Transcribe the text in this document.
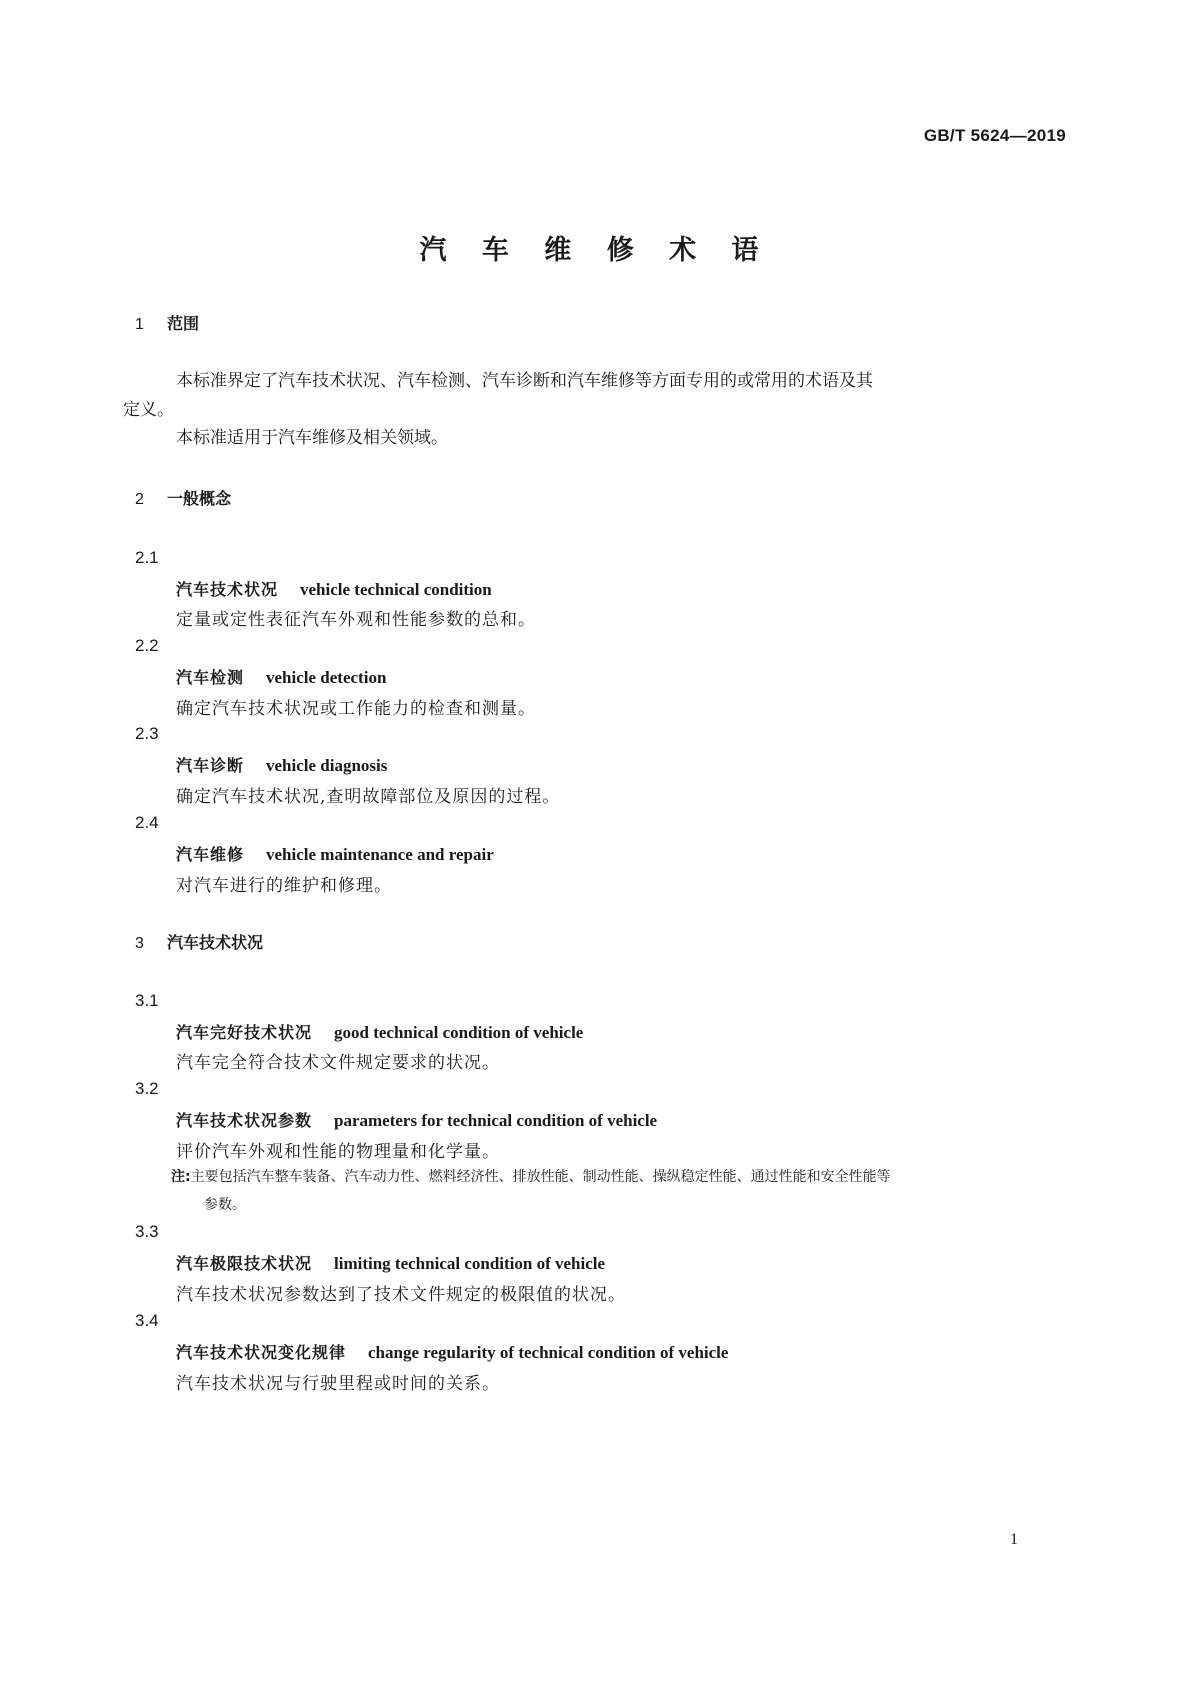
GB/T 5624—2019
汽 车 维 修 术 语
1 范围
本标准界定了汽车技术状况、汽车检测、汽车诊断和汽车维修等方面专用的或常用的术语及其
定义。
本标准适用于汽车维修及相关领域。
2 一般概念
2.1
汽车技术状况 vehicle technical condition
定量或定性表征汽车外观和性能参数的总和。
2.2
汽车检测 vehicle detection
确定汽车技术状况或工作能力的检查和测量。
2.3
汽车诊断 vehicle diagnosis
确定汽车技术状况,查明故障部位及原因的过程。
2.4
汽车维修 vehicle maintenance and repair
对汽车进行的维护和修理。
3 汽车技术状况
3.1
汽车完好技术状况 good technical condition of vehicle
汽车完全符合技术文件规定要求的状况。
3.2
汽车技术状况参数 parameters for technical condition of vehicle
评价汽车外观和性能的物理量和化学量。
注:主要包括汽车整车装备、汽车动力性、燃料经济性、排放性能、制动性能、操纵稳定性能、通过性能和安全性能等
参数。
3.3
汽车极限技术状况 limiting technical condition of vehicle
汽车技术状况参数达到了技术文件规定的极限值的状况。
3.4
汽车技术状况变化规律 change regularity of technical condition of vehicle
汽车技术状况与行驶里程或时间的关系。
1
